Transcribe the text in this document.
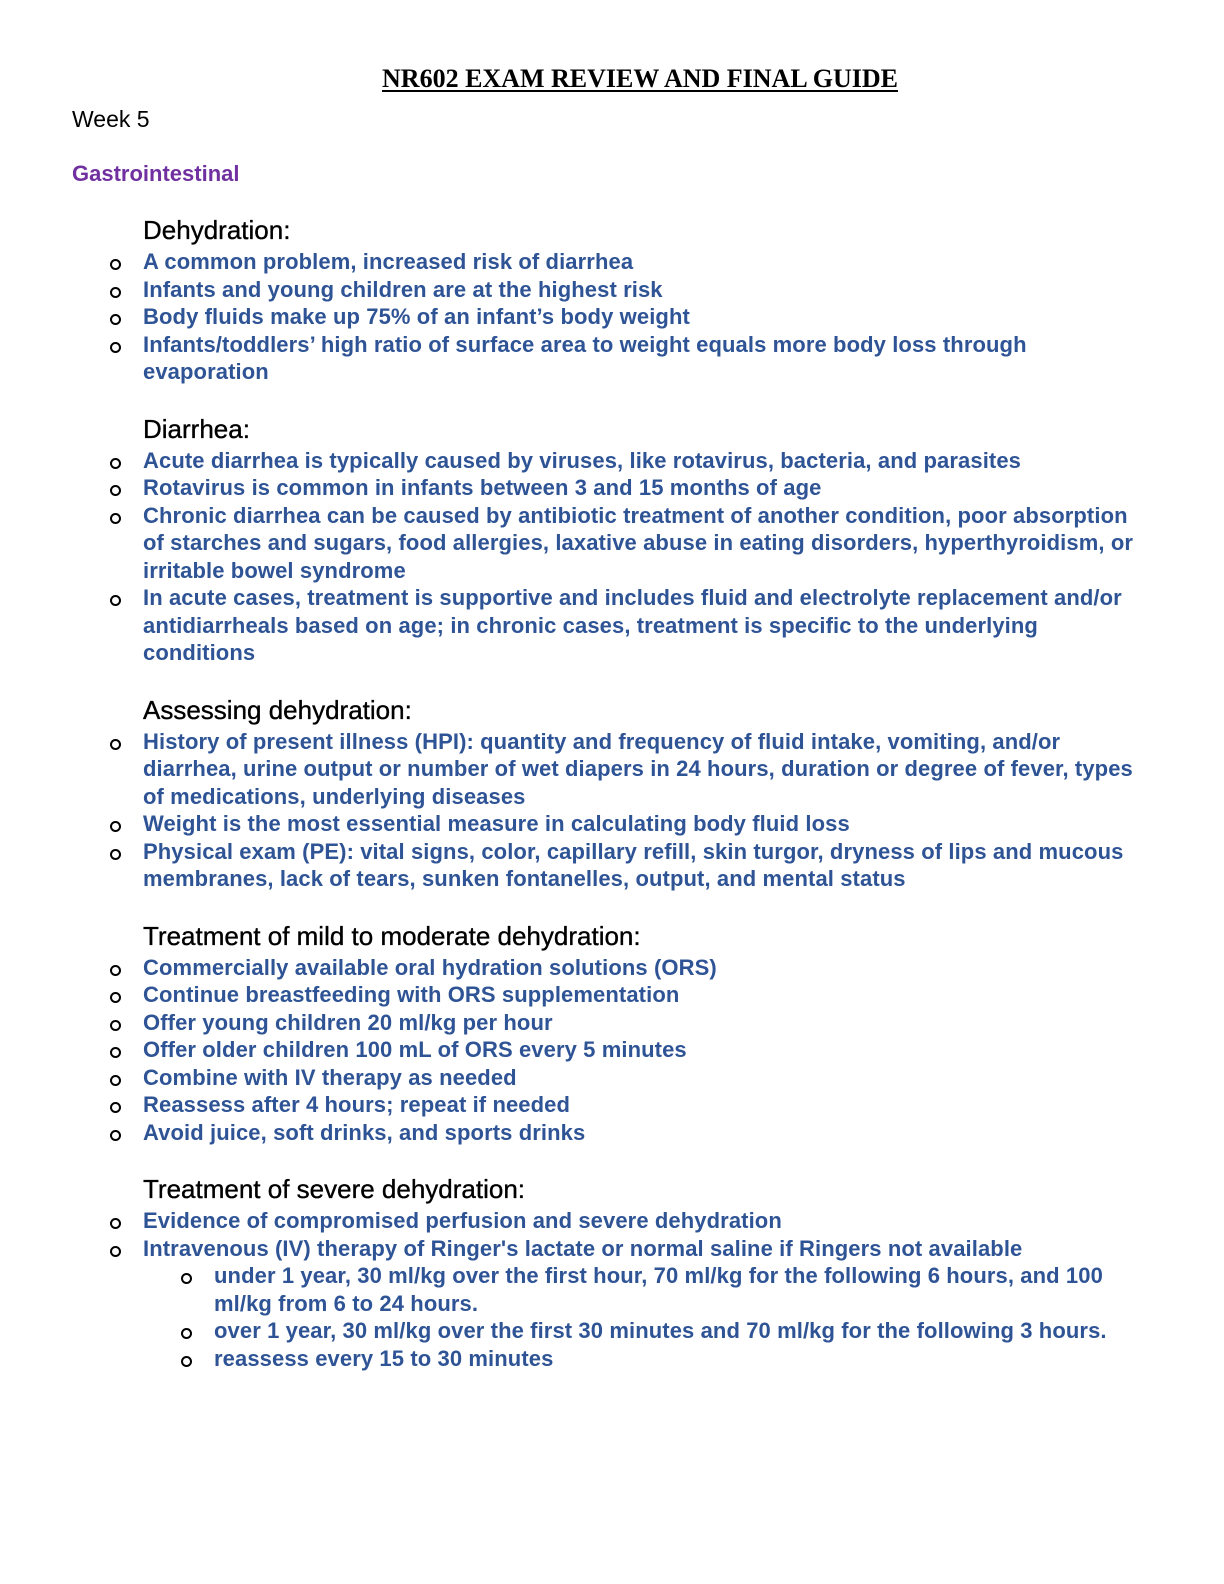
NR602 EXAM REVIEW AND FINAL GUIDE
Week 5
Gastrointestinal
Dehydration:
A common problem, increased risk of diarrhea
Infants and young children are at the highest risk
Body fluids make up 75% of an infant’s body weight
Infants/toddlers’ high ratio of surface area to weight equals more body loss through evaporation
Diarrhea:
Acute diarrhea is typically caused by viruses, like rotavirus, bacteria, and parasites
Rotavirus is common in infants between 3 and 15 months of age
Chronic diarrhea can be caused by antibiotic treatment of another condition, poor absorption of starches and sugars, food allergies, laxative abuse in eating disorders, hyperthyroidism, or irritable bowel syndrome
In acute cases, treatment is supportive and includes fluid and electrolyte replacement and/or antidiarrheals based on age; in chronic cases, treatment is specific to the underlying conditions
Assessing dehydration:
History of present illness (HPI): quantity and frequency of fluid intake, vomiting, and/or diarrhea, urine output or number of wet diapers in 24 hours, duration or degree of fever, types of medications, underlying diseases
Weight is the most essential measure in calculating body fluid loss
Physical exam (PE): vital signs, color, capillary refill, skin turgor, dryness of lips and mucous membranes, lack of tears, sunken fontanelles, output, and mental status
Treatment of mild to moderate dehydration:
Commercially available oral hydration solutions (ORS)
Continue breastfeeding with ORS supplementation
Offer young children 20 ml/kg per hour
Offer older children 100 mL of ORS every 5 minutes
Combine with IV therapy as needed
Reassess after 4 hours; repeat if needed
Avoid juice, soft drinks, and sports drinks
Treatment of severe dehydration:
Evidence of compromised perfusion and severe dehydration
Intravenous (IV) therapy of Ringer's lactate or normal saline if Ringers not available
under 1 year, 30 ml/kg over the first hour, 70 ml/kg for the following 6 hours, and 100 ml/kg from 6 to 24 hours.
over 1 year, 30 ml/kg over the first 30 minutes and 70 ml/kg for the following 3 hours.
reassess every 15 to 30 minutes
